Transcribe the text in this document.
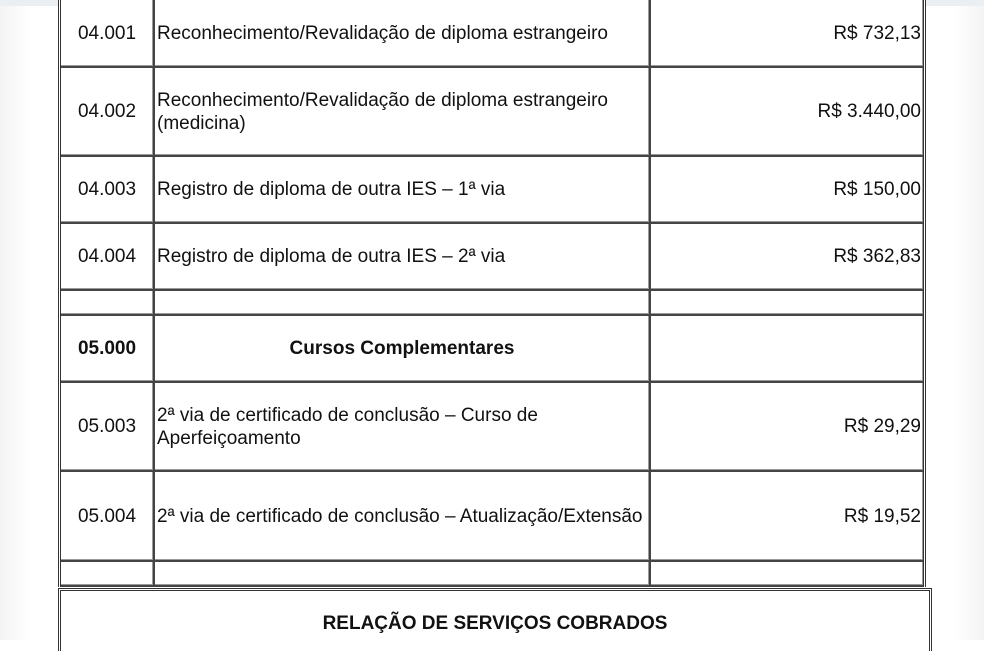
04.001	Reconhecimento/Revalidação de diploma estrangeiro	R$ 732,13
04.002	Reconhecimento/Revalidação de diploma estrangeiro (medicina)	R$ 3.440,00
04.003	Registro de diploma de outra IES – 1ª via	R$ 150,00
04.004	Registro de diploma de outra IES – 2ª via	R$ 362,83

05.000	Cursos Complementares	
05.003	2ª via de certificado de conclusão – Curso de Aperfeiçoamento	R$ 29,29
05.004	2ª via de certificado de conclusão – Atualização/Extensão	R$ 19,52

RELAÇÃO DE SERVIÇOS COBRADOS
